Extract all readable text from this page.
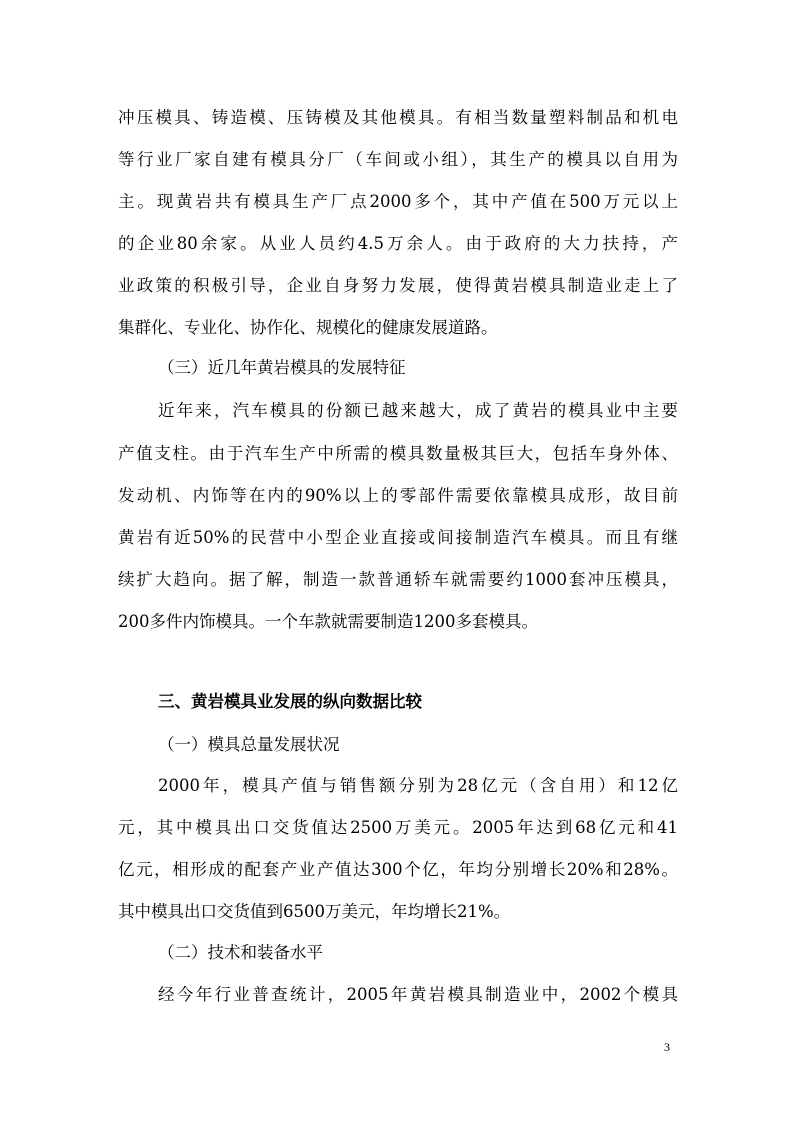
冲压模具、铸造模、压铸模及其他模具。有相当数量塑料制品和机电
等行业厂家自建有模具分厂（车间或小组），其生产的模具以自用为
主。现黄岩共有模具生产厂点2000多个，其中产值在500万元以上
的企业80余家。从业人员约4.5万余人。由于政府的大力扶持，产
业政策的积极引导，企业自身努力发展，使得黄岩模具制造业走上了
集群化、专业化、协作化、规模化的健康发展道路。
（三）近几年黄岩模具的发展特征
近年来，汽车模具的份额已越来越大，成了黄岩的模具业中主要
产值支柱。由于汽车生产中所需的模具数量极其巨大，包括车身外体、
发动机、内饰等在内的90%以上的零部件需要依靠模具成形，故目前
黄岩有近50%的民营中小型企业直接或间接制造汽车模具。而且有继
续扩大趋向。据了解，制造一款普通轿车就需要约1000套冲压模具，
200多件内饰模具。一个车款就需要制造1200多套模具。
三、黄岩模具业发展的纵向数据比较
（一）模具总量发展状况
2000年，模具产值与销售额分别为28亿元（含自用）和12亿
元，其中模具出口交货值达2500万美元。2005年达到68亿元和41
亿元，相形成的配套产业产值达300个亿，年均分别增长20%和28%。
其中模具出口交货值到6500万美元，年均增长21%。
（二）技术和装备水平
经今年行业普查统计，2005年黄岩模具制造业中，2002个模具
3
